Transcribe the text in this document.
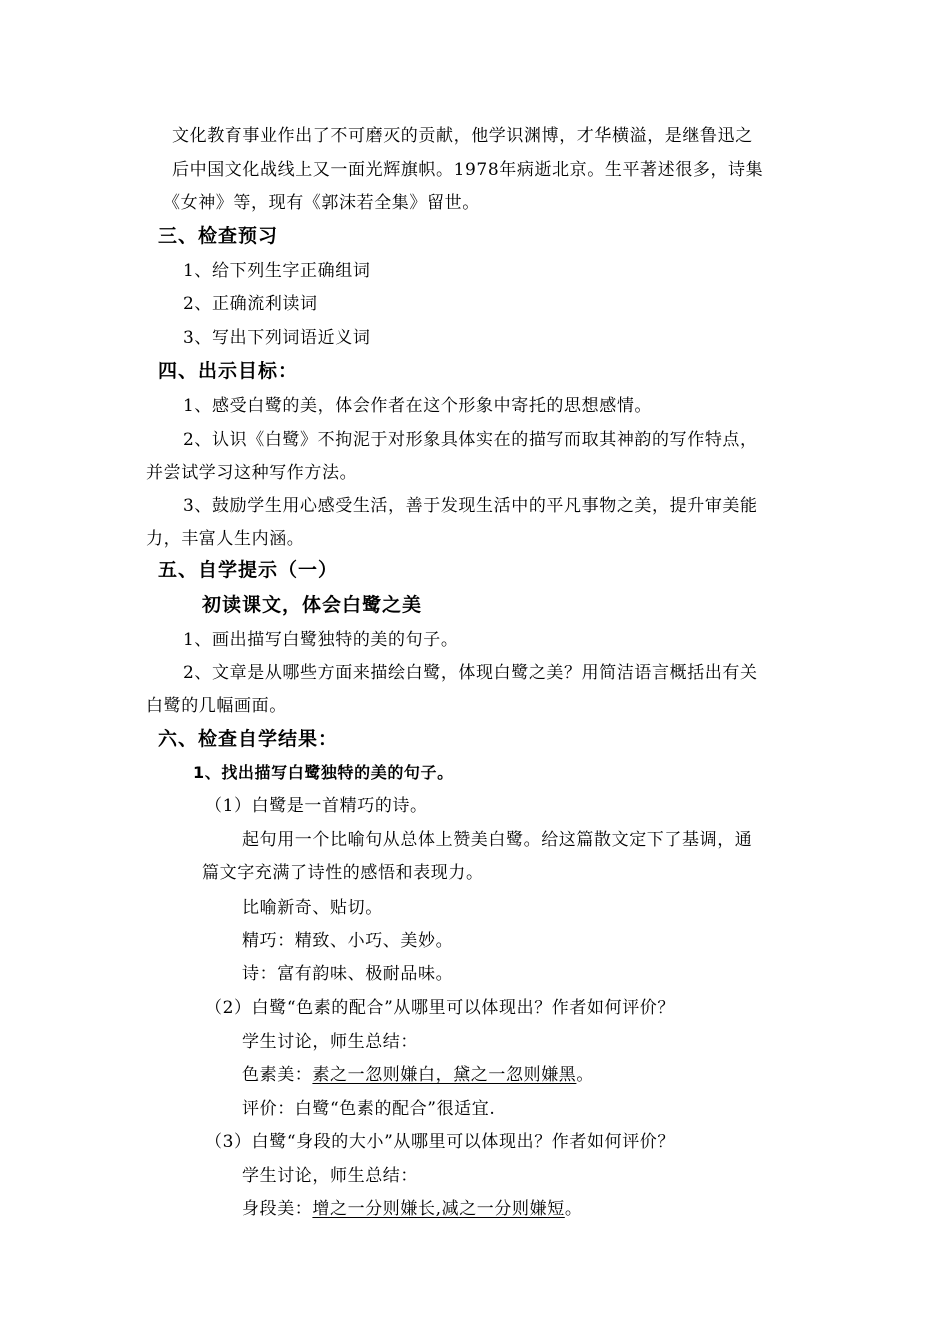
文化教育事业作出了不可磨灭的贡献，他学识渊博，才华横溢，是继鲁迅之
后中国文化战线上又一面光辉旗帜。1978年病逝北京。生平著述很多，诗集
《女神》等，现有《郭沫若全集》留世。
三、检查预习
1、给下列生字正确组词
2、正确流利读词
3、写出下列词语近义词
四、出示目标：
1、感受白鹭的美，体会作者在这个形象中寄托的思想感情。
2、认识《白鹭》不拘泥于对形象具体实在的描写而取其神韵的写作特点，
并尝试学习这种写作方法。
3、鼓励学生用心感受生活，善于发现生活中的平凡事物之美，提升审美能
力，丰富人生内涵。
五、自学提示（一）
初读课文，体会白鹭之美
1、画出描写白鹭独特的美的句子。
2、文章是从哪些方面来描绘白鹭，体现白鹭之美？用简洁语言概括出有关
白鹭的几幅画面。
六、检查自学结果：
1、找出描写白鹭独特的美的句子。
（1）白鹭是一首精巧的诗。
起句用一个比喻句从总体上赞美白鹭。给这篇散文定下了基调，通
篇文字充满了诗性的感悟和表现力。
比喻新奇、贴切。
精巧：精致、小巧、美妙。
诗：富有韵味、极耐品味。
（2）白鹭“色素的配合”从哪里可以体现出？作者如何评价？
学生讨论，师生总结：
色素美：素之一忽则嫌白，黛之一忽则嫌黑。
评价：白鹭“色素的配合”很适宜.
（3）白鹭“身段的大小”从哪里可以体现出？作者如何评价？
学生讨论，师生总结：
身段美：增之一分则嫌长,减之一分则嫌短。
